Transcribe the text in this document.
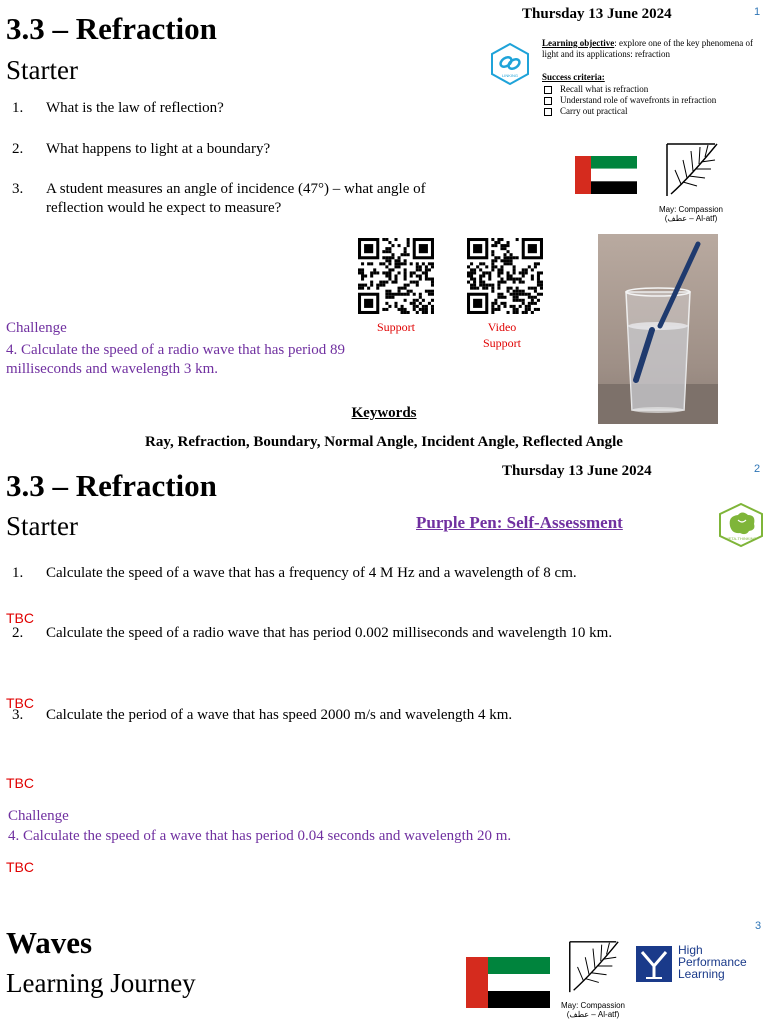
3.3 – Refraction
Starter
Thursday 13 June 2024	1
LINKING
Learning objective: explore one of the key phenomena of light and its applications: refraction
Success criteria:
Recall what is refraction
Understand role of wavefronts in refraction
Carry out practical
1. What is the law of reflection?
2. What happens to light at a boundary?
3. A student measures an angle of incidence (47°) – what angle of reflection would he expect to measure?	May: Compassion
(عطف – Al-atf)
Support	Video Support
Challenge
4. Calculate the speed of a radio wave that has period 89 milliseconds and wavelength 3 km.
Keywords
Ray, Refraction, Boundary, Normal Angle, Incident Angle, Reflected Angle
3.3 – Refraction
Starter
Thursday 13 June 2024	2
Purple Pen: Self-Assessment
META-THINKING
1. Calculate the speed of a wave that has a frequency of 4 M Hz and a wavelength of 8 cm.
TBC
2. Calculate the speed of a radio wave that has period 0.002 milliseconds and wavelength 10 km.
TBC
3. Calculate the period of a wave that has speed 2000 m/s and wavelength 4 km.
TBC
Challenge
4. Calculate the speed of a wave that has period 0.04 seconds and wavelength 20 m.
TBC
3
Waves
Learning Journey
May: Compassion
(عطف – Al-atf)
High
Performance
Learning
